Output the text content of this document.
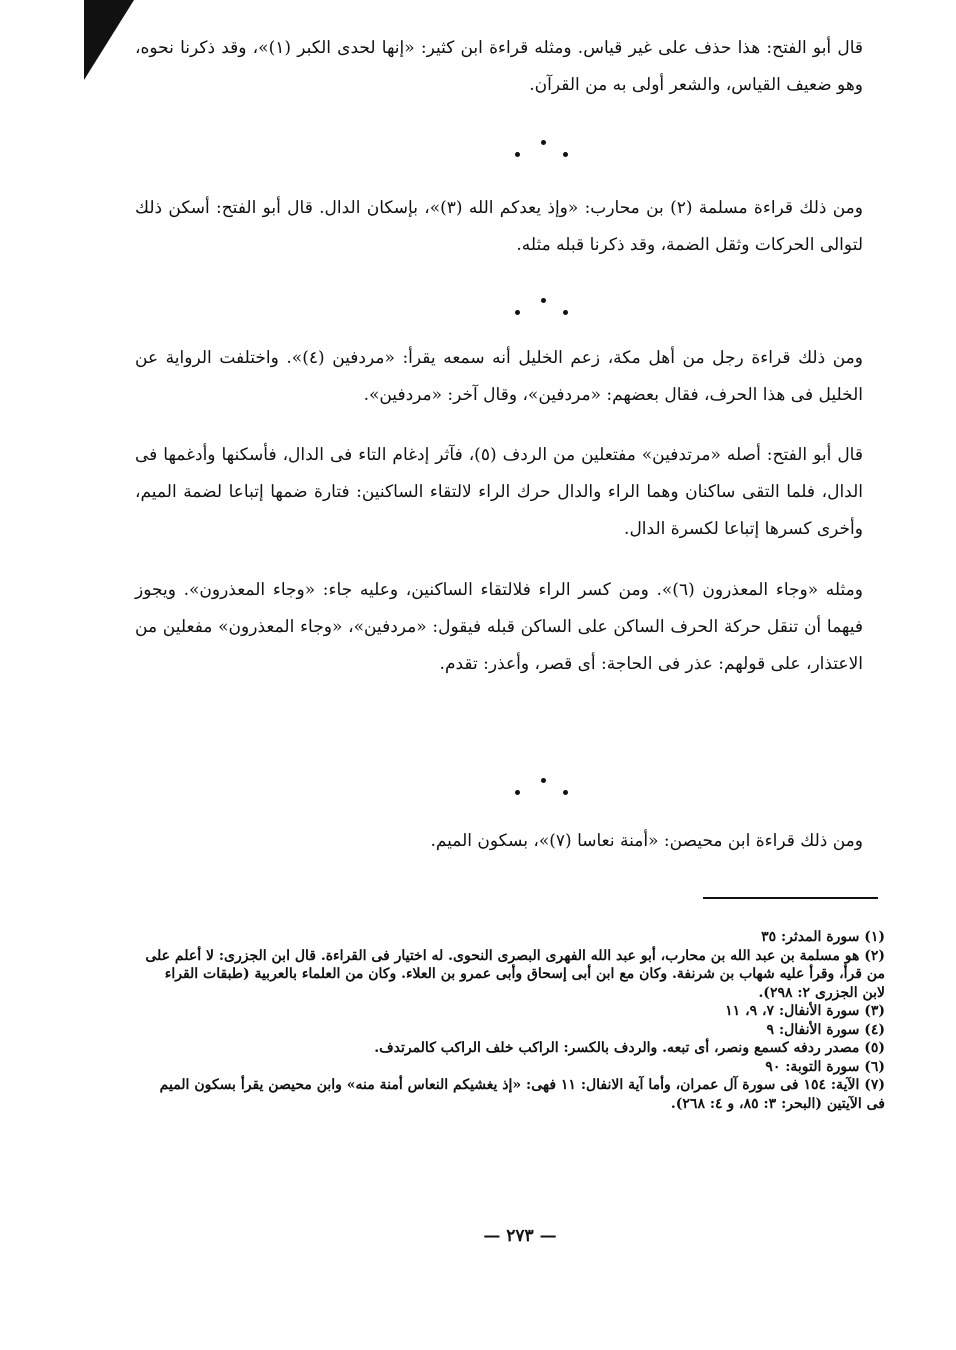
قال أبو الفتح: هذا حذف على غير قياس. ومثله قراءة ابن كثير: «إنها لحدى الكبر (١)»، وقد ذكرنا نحوه، وهو ضعيف القياس، والشعر أولى به من القرآن.

ومن ذلك قراءة مسلمة (٢) بن محارب: «وإذ يعدكم الله (٣)»، بإسكان الدال. قال أبو الفتح: أسكن ذلك لتوالى الحركات وثقل الضمة، وقد ذكرنا قبله مثله.

ومن ذلك قراءة رجل من أهل مكة، زعم الخليل أنه سمعه يقرأ: «مردفين (٤)». واختلفت الرواية عن الخليل فى هذا الحرف، فقال بعضهم: «مردفين»، وقال آخر: «مردفين».

قال أبو الفتح: أصله «مرتدفين» مفتعلين من الردف (٥)، فآثر إدغام التاء فى الدال، فأسكنها وأدغمها فى الدال، فلما التقى ساكنان وهما الراء والدال حرك الراء لالتقاء الساكنين: فتارة ضمها إتباعا لضمة الميم، وأخرى كسرها إتباعا لكسرة الدال.

ومثله «وجاء المعذرون (٦)». ومن كسر الراء فلالتقاء الساكنين، وعليه جاء: «وجاء المعذرون». ويجوز فيهما أن تنقل حركة الحرف الساكن على الساكن قبله فيقول: «مردفين»، «وجاء المعذرون» مفعلين من الاعتذار، على قولهم: عذر فى الحاجة: أى قصر، وأعذر: تقدم.

ومن ذلك قراءة ابن محيصن: «أمنة نعاسا (٧)»، بسكون الميم.

(١) سورة المدثر: ٣٥

(٢) هو مسلمة بن عبد الله بن محارب، أبو عبد الله الفهرى البصرى النحوى. له اختيار فى القراءة. قال ابن الجزرى: لا أعلم على من قرأ، وقرأ عليه شهاب بن شرنفة. وكان مع ابن أبى إسحاق وأبى عمرو بن العلاء. وكان من العلماء بالعربية (طبقات القراء لابن الجزرى ٢: ٢٩٨).

(٣) سورة الأنفال: ٧، ٩، ١١

(٤) سورة الأنفال: ٩

(٥) مصدر ردفه كسمع ونصر، أى تبعه. والردف بالكسر: الراكب خلف الراكب كالمرتدف.

(٦) سورة التوبة: ٩٠

(٧) الآية: ١٥٤ فى سورة آل عمران، وأما آية الانفال: ١١ فهى: «إذ يغشيكم النعاس أمنة منه» وابن محيصن يقرأ بسكون الميم فى الآيتين (البحر: ٣: ٨٥، و ٤: ٢٦٨).

— ٢٧٣ —
